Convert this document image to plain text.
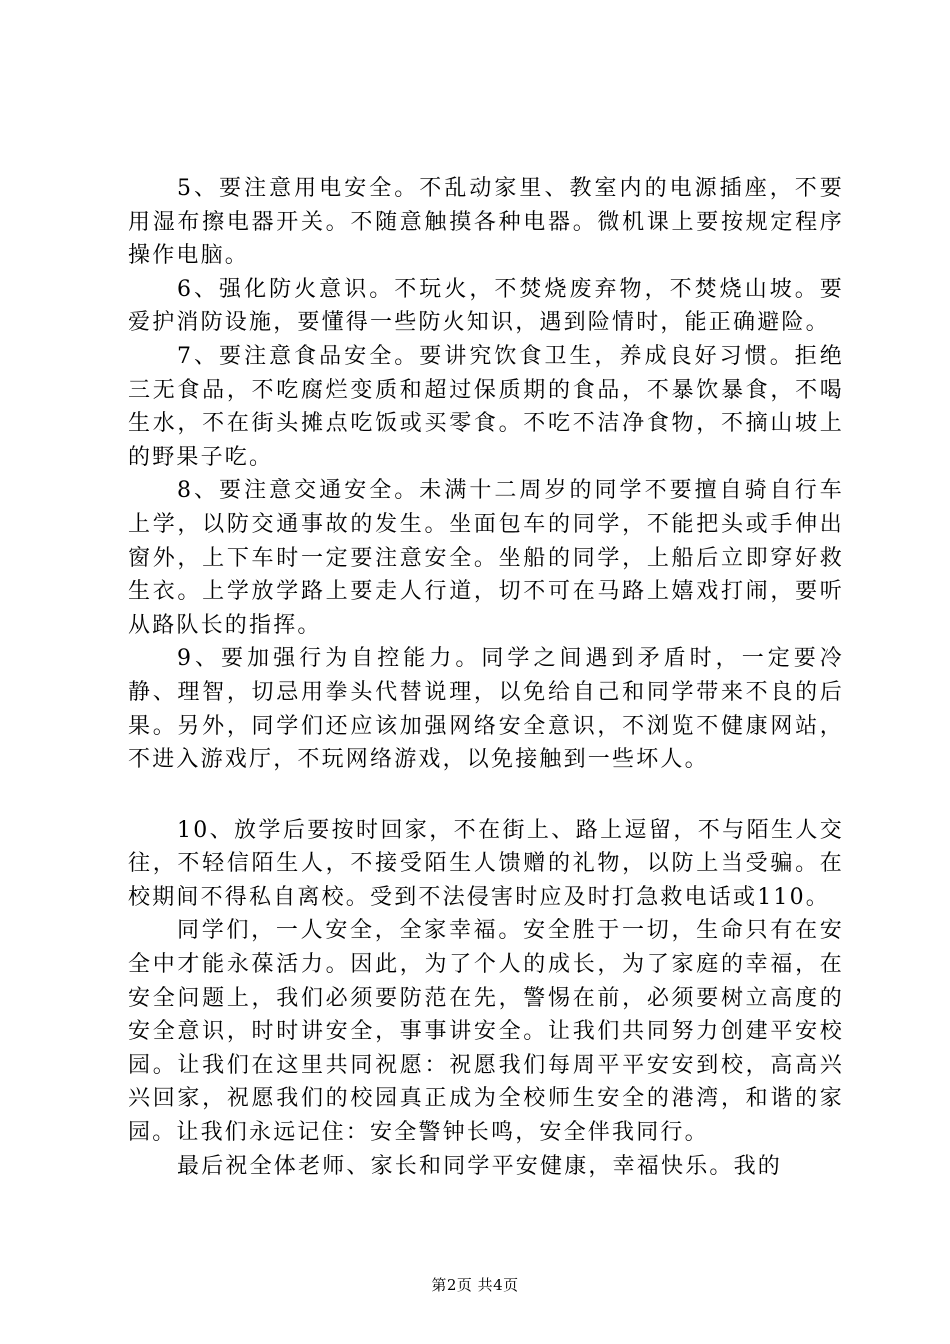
5、要注意用电安全。不乱动家里、教室内的电源插座，不要用湿布擦电器开关。不随意触摸各种电器。微机课上要按规定程序操作电脑。

6、强化防火意识。不玩火，不焚烧废弃物，不焚烧山坡。要爱护消防设施，要懂得一些防火知识，遇到险情时，能正确避险。

7、要注意食品安全。要讲究饮食卫生，养成良好习惯。拒绝三无食品，不吃腐烂变质和超过保质期的食品，不暴饮暴食，不喝生水，不在街头摊点吃饭或买零食。不吃不洁净食物，不摘山坡上的野果子吃。

8、要注意交通安全。未满十二周岁的同学不要擅自骑自行车上学，以防交通事故的发生。坐面包车的同学，不能把头或手伸出窗外，上下车时一定要注意安全。坐船的同学，上船后立即穿好救生衣。上学放学路上要走人行道，切不可在马路上嬉戏打闹，要听从路队长的指挥。

9、要加强行为自控能力。同学之间遇到矛盾时，一定要冷静、理智，切忌用拳头代替说理，以免给自己和同学带来不良的后果。另外，同学们还应该加强网络安全意识，不浏览不健康网站，不进入游戏厅，不玩网络游戏，以免接触到一些坏人。

10、放学后要按时回家，不在街上、路上逗留，不与陌生人交往，不轻信陌生人，不接受陌生人馈赠的礼物，以防上当受骗。在校期间不得私自离校。受到不法侵害时应及时打急救电话或110。

同学们，一人安全，全家幸福。安全胜于一切，生命只有在安全中才能永葆活力。因此，为了个人的成长，为了家庭的幸福，在安全问题上，我们必须要防范在先，警惕在前，必须要树立高度的安全意识，时时讲安全，事事讲安全。让我们共同努力创建平安校园。让我们在这里共同祝愿：祝愿我们每周平平安安到校，高高兴兴回家，祝愿我们的校园真正成为全校师生安全的港湾，和谐的家园。让我们永远记住：安全警钟长鸣，安全伴我同行。

最后祝全体老师、家长和同学平安健康，幸福快乐。我的

第2页 共4页
